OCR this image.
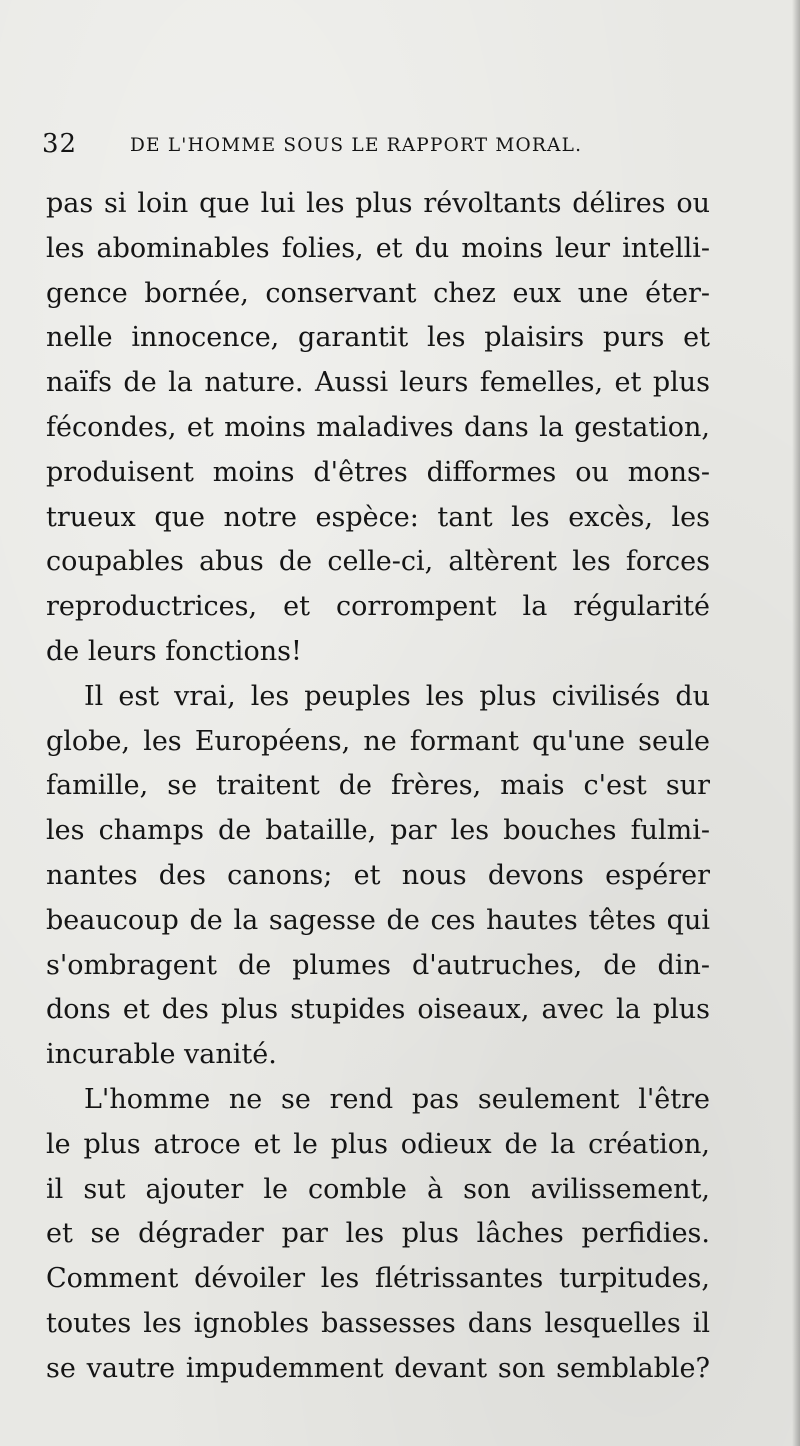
32	DE L'HOMME SOUS LE RAPPORT MORAL.
pas si loin que lui les plus révoltants délires ou
les abominables folies, et du moins leur intelli-
gence bornée, conservant chez eux une éter-
nelle innocence, garantit les plaisirs purs et
naïfs de la nature. Aussi leurs femelles, et plus
fécondes, et moins maladives dans la gestation,
produisent moins d'êtres difformes ou mons-
trueux que notre espèce: tant les excès, les
coupables abus de celle-ci, altèrent les forces
reproductrices, et corrompent la régularité
de leurs fonctions!
Il est vrai, les peuples les plus civilisés du
globe, les Européens, ne formant qu'une seule
famille, se traitent de frères, mais c'est sur
les champs de bataille, par les bouches fulmi-
nantes des canons; et nous devons espérer
beaucoup de la sagesse de ces hautes têtes qui
s'ombragent de plumes d'autruches, de din-
dons et des plus stupides oiseaux, avec la plus
incurable vanité.
L'homme ne se rend pas seulement l'être
le plus atroce et le plus odieux de la création,
il sut ajouter le comble à son avilissement,
et se dégrader par les plus lâches perfidies.
Comment dévoiler les flétrissantes turpitudes,
toutes les ignobles bassesses dans lesquelles il
se vautre impudemment devant son semblable?
